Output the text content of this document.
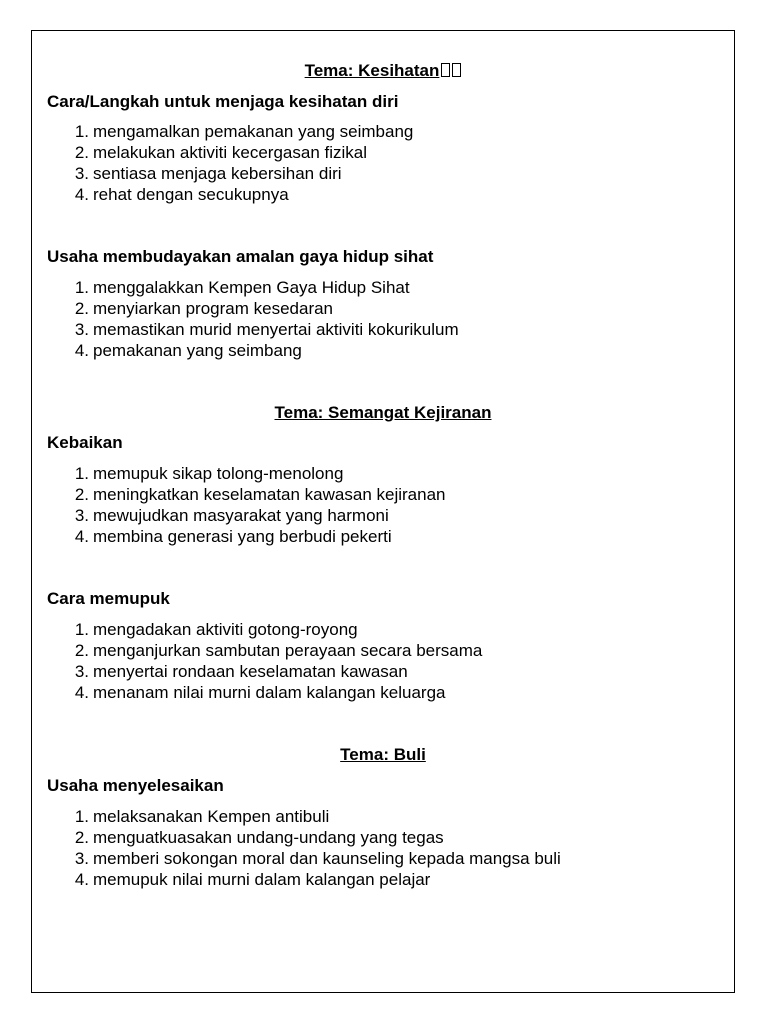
Tema: Kesihatan
Cara/Langkah untuk menjaga kesihatan diri
1. mengamalkan pemakanan yang seimbang
2. melakukan aktiviti kecergasan fizikal
3. sentiasa menjaga kebersihan diri
4. rehat dengan secukupnya
Usaha membudayakan amalan gaya hidup sihat
1. menggalakkan Kempen Gaya Hidup Sihat
2. menyiarkan program kesedaran
3. memastikan murid menyertai aktiviti kokurikulum
4. pemakanan yang seimbang
Tema: Semangat Kejiranan
Kebaikan
1. memupuk sikap tolong-menolong
2. meningkatkan keselamatan kawasan kejiranan
3. mewujudkan masyarakat yang harmoni
4. membina generasi yang berbudi pekerti
Cara memupuk
1. mengadakan aktiviti gotong-royong
2. menganjurkan sambutan perayaan secara bersama
3. menyertai rondaan keselamatan kawasan
4. menanam nilai murni dalam kalangan keluarga
Tema: Buli
Usaha menyelesaikan
1. melaksanakan Kempen antibuli
2. menguatkuasakan undang-undang yang tegas
3. memberi sokongan moral dan kaunseling kepada mangsa buli
4. memupuk nilai murni dalam kalangan pelajar
